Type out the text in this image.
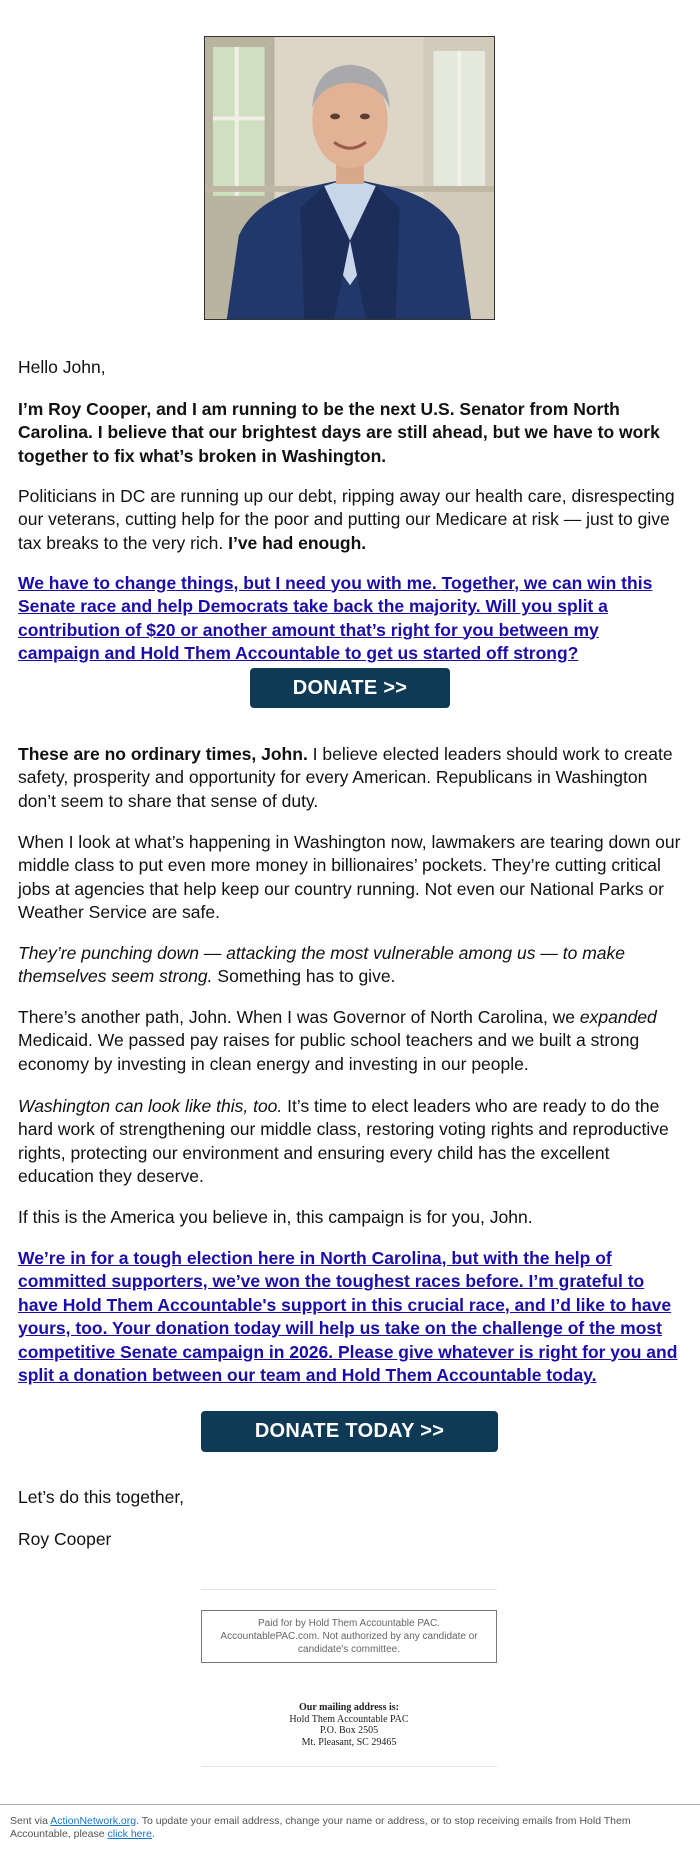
Hello John,

I’m Roy Cooper, and I am running to be the next U.S. Senator from North Carolina. I believe that our brightest days are still ahead, but we have to work together to fix what’s broken in Washington.

Politicians in DC are running up our debt, ripping away our health care, disrespecting our veterans, cutting help for the poor and putting our Medicare at risk — just to give tax breaks to the very rich. I’ve had enough.

We have to change things, but I need you with me. Together, we can win this Senate race and help Democrats take back the majority. Will you split a contribution of $20 or another amount that’s right for you between my campaign and Hold Them Accountable to get us started off strong?

DONATE >>

These are no ordinary times, John. I believe elected leaders should work to create safety, prosperity and opportunity for every American. Republicans in Washington don’t seem to share that sense of duty.

When I look at what’s happening in Washington now, lawmakers are tearing down our middle class to put even more money in billionaires’ pockets. They’re cutting critical jobs at agencies that help keep our country running. Not even our National Parks or Weather Service are safe.

They’re punching down — attacking the most vulnerable among us — to make themselves seem strong. Something has to give.

There’s another path, John. When I was Governor of North Carolina, we expanded Medicaid. We passed pay raises for public school teachers and we built a strong economy by investing in clean energy and investing in our people.

Washington can look like this, too. It’s time to elect leaders who are ready to do the hard work of strengthening our middle class, restoring voting rights and reproductive rights, protecting our environment and ensuring every child has the excellent education they deserve.

If this is the America you believe in, this campaign is for you, John.

We’re in for a tough election here in North Carolina, but with the help of committed supporters, we’ve won the toughest races before. I’m grateful to have Hold Them Accountable's support in this crucial race, and I’d like to have yours, too. Your donation today will help us take on the challenge of the most competitive Senate campaign in 2026. Please give whatever is right for you and split a donation between our team and Hold Them Accountable today.

DONATE TODAY >>

Let’s do this together,

Roy Cooper

Paid for by Hold Them Accountable PAC.
AccountablePAC.com. Not authorized by any candidate or candidate's committee.
Our mailing address is:
Hold Them Accountable PAC
P.O. Box 2505
Mt. Pleasant, SC 29465
Sent via ActionNetwork.org. To update your email address, change your name or address, or to stop receiving emails from Hold Them Accountable, please click here.
